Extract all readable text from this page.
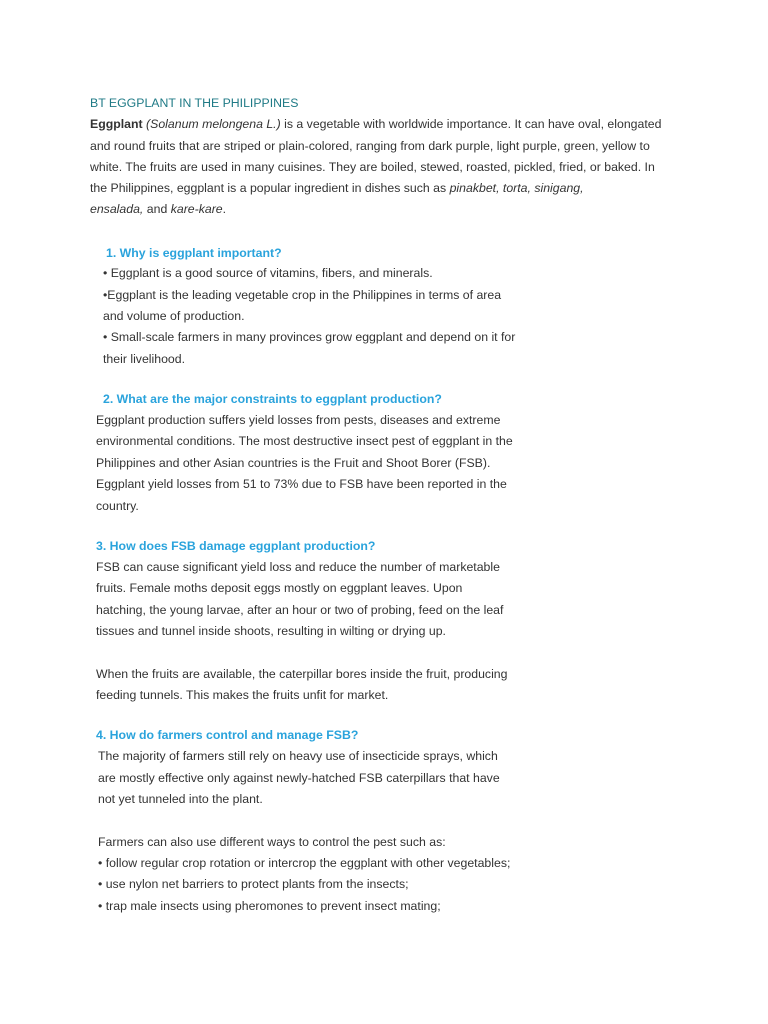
BT EGGPLANT IN THE PHILIPPINES
Eggplant (Solanum melongena L.) is a vegetable with worldwide importance. It can have oval, elongated
and round fruits that are striped or plain-colored, ranging from dark purple, light purple, green, yellow to
white. The fruits are used in many cuisines. They are boiled, stewed, roasted, pickled, fried, or baked. In
the Philippines, eggplant is a popular ingredient in dishes such as pinakbet, torta, sinigang,
ensalada, and kare-kare.
1. Why is eggplant important?
• Eggplant is a good source of vitamins, fibers, and minerals.
•Eggplant is the leading vegetable crop in the Philippines in terms of area
and volume of production.
• Small-scale farmers in many provinces grow eggplant and depend on it for
their livelihood.
2. What are the major constraints to eggplant production?
Eggplant production suffers yield losses from pests, diseases and extreme
environmental conditions. The most destructive insect pest of eggplant in the
Philippines and other Asian countries is the Fruit and Shoot Borer (FSB).
Eggplant yield losses from 51 to 73% due to FSB have been reported in the
country.
3. How does FSB damage eggplant production?
FSB can cause significant yield loss and reduce the number of marketable
fruits. Female moths deposit eggs mostly on eggplant leaves. Upon
hatching, the young larvae, after an hour or two of probing, feed on the leaf
tissues and tunnel inside shoots, resulting in wilting or drying up.
When the fruits are available, the caterpillar bores inside the fruit, producing
feeding tunnels. This makes the fruits unfit for market.
4. How do farmers control and manage FSB?
The majority of farmers still rely on heavy use of insecticide sprays, which
are mostly effective only against newly-hatched FSB caterpillars that have
not yet tunneled into the plant.
Farmers can also use different ways to control the pest such as:
• follow regular crop rotation or intercrop the eggplant with other vegetables;
• use nylon net barriers to protect plants from the insects;
• trap male insects using pheromones to prevent insect mating;
